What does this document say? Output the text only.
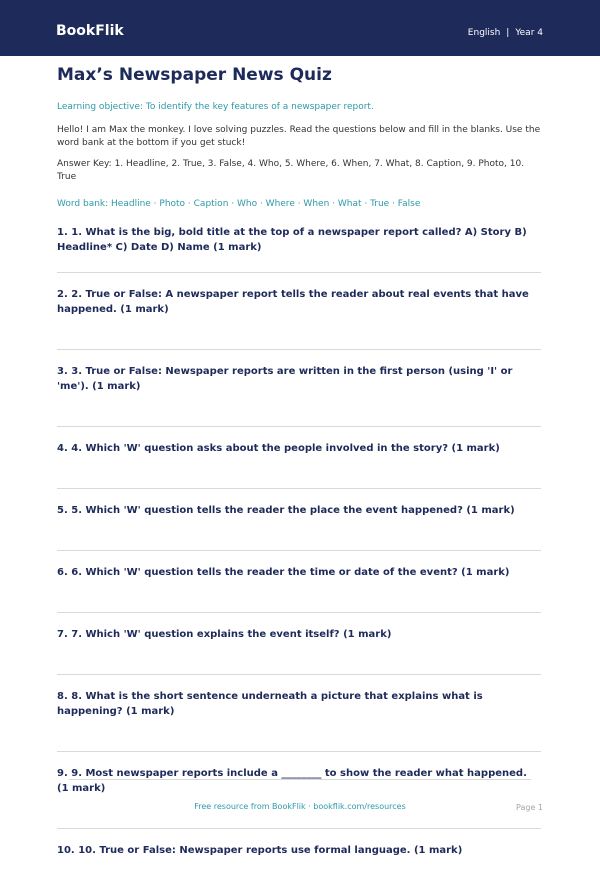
BookFlik	English | Year 4
Max’s Newspaper News Quiz

Learning objective: To identify the key features of a newspaper report.

Hello! I am Max the monkey. I love solving puzzles. Read the questions below and fill in the blanks. Use the word bank at the bottom if you get stuck!

Answer Key: 1. Headline, 2. True, 3. False, 4. Who, 5. Where, 6. When, 7. What, 8. Caption, 9. Photo, 10. True

Word bank: Headline · Photo · Caption · Who · Where · When · What · True · False

1. 1. What is the big, bold title at the top of a newspaper report called? A) Story B) Headline* C) Date D) Name (1 mark)
2. 2. True or False: A newspaper report tells the reader about real events that have happened. (1 mark)
3. 3. True or False: Newspaper reports are written in the first person (using 'I' or 'me'). (1 mark)
4. 4. Which 'W' question asks about the people involved in the story? (1 mark)
5. 5. Which 'W' question tells the reader the place the event happened? (1 mark)
6. 6. Which 'W' question tells the reader the time or date of the event? (1 mark)
7. 7. Which 'W' question explains the event itself? (1 mark)
8. 8. What is the short sentence underneath a picture that explains what is happening? (1 mark)
9. 9. Most newspaper reports include a ________ to show the reader what happened. (1 mark)
10. 10. True or False: Newspaper reports use formal language. (1 mark)
Free resource from BookFlik · bookflik.com/resources	Page 1
